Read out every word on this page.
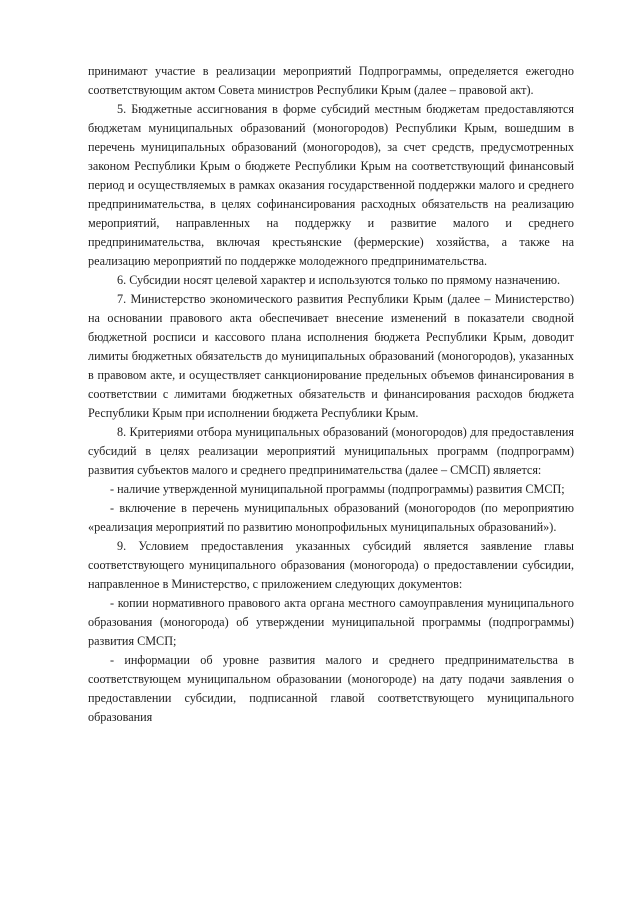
принимают участие в реализации мероприятий Подпрограммы, определяется ежегодно соответствующим актом Совета министров Республики Крым (далее – правовой акт).

5. Бюджетные ассигнования в форме субсидий местным бюджетам предоставляются бюджетам муниципальных образований (моногородов) Республики Крым, вошедшим в перечень муниципальных образований (моногородов), за счет средств, предусмотренных законом Республики Крым о бюджете Республики Крым на соответствующий финансовый период и осуществляемых в рамках оказания государственной поддержки малого и среднего предпринимательства, в целях софинансирования расходных обязательств на реализацию мероприятий, направленных на поддержку и развитие малого и среднего предпринимательства, включая крестьянские (фермерские) хозяйства, а также на реализацию мероприятий по поддержке молодежного предпринимательства.

6. Субсидии носят целевой характер и используются только по прямому назначению.

7. Министерство экономического развития Республики Крым (далее – Министерство) на основании правового акта обеспечивает внесение изменений в показатели сводной бюджетной росписи и кассового плана исполнения бюджета Республики Крым, доводит лимиты бюджетных обязательств до муниципальных образований (моногородов), указанных в правовом акте, и осуществляет санкционирование предельных объемов финансирования в соответствии с лимитами бюджетных обязательств и финансирования расходов бюджета Республики Крым при исполнении бюджета Республики Крым.

8. Критериями отбора муниципальных образований (моногородов) для предоставления субсидий в целях реализации мероприятий муниципальных программ (подпрограмм) развития субъектов малого и среднего предпринимательства (далее – СМСП) является:

- наличие утвержденной муниципальной программы (подпрограммы) развития СМСП;

- включение в перечень муниципальных образований (моногородов (по мероприятию «реализация мероприятий по развитию монопрофильных муниципальных образований»).

9. Условием предоставления указанных субсидий является заявление главы соответствующего муниципального образования (моногорода) о предоставлении субсидии, направленное в Министерство, с приложением следующих документов:

- копии нормативного правового акта органа местного самоуправления муниципального образования (моногорода) об утверждении муниципальной программы (подпрограммы) развития СМСП;

- информации об уровне развития малого и среднего предпринимательства в соответствующем муниципальном образовании (моногороде) на дату подачи заявления о предоставлении субсидии, подписанной главой соответствующего муниципального образования
